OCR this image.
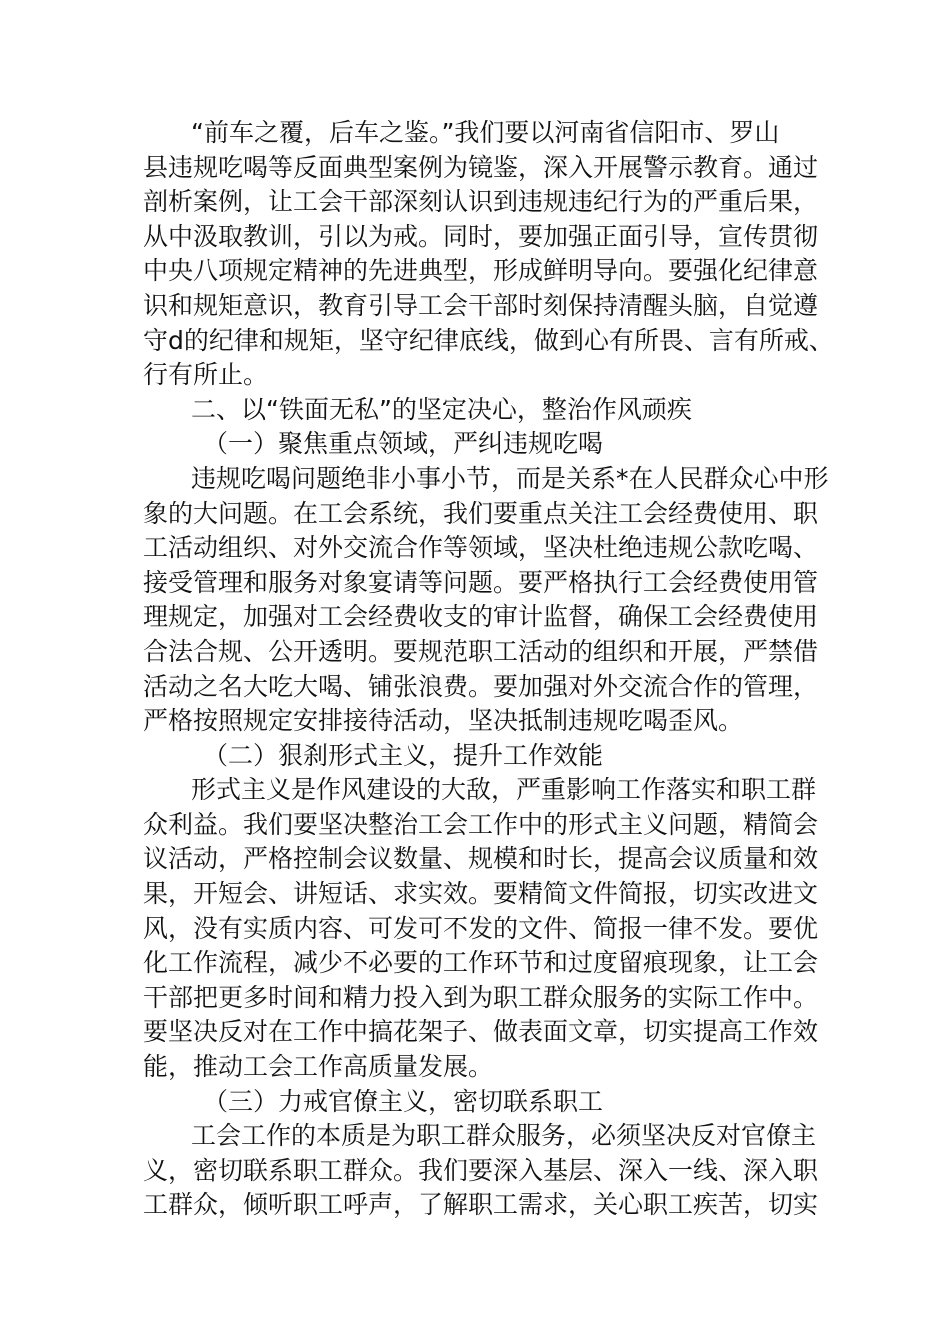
“前车之覆，后车之鉴。”我们要以河南省信阳市、罗山
县违规吃喝等反面典型案例为镜鉴，深入开展警示教育。通过
剖析案例，让工会干部深刻认识到违规违纪行为的严重后果，
从中汲取教训，引以为戒。同时，要加强正面引导，宣传贯彻
中央八项规定精神的先进典型，形成鲜明导向。要强化纪律意
识和规矩意识，教育引导工会干部时刻保持清醒头脑，自觉遵
守d的纪律和规矩，坚守纪律底线，做到心有所畏、言有所戒、
行有所止。
二、以“铁面无私”的坚定决心，整治作风顽疾
（一）聚焦重点领域，严纠违规吃喝
违规吃喝问题绝非小事小节，而是关系*在人民群众心中形
象的大问题。在工会系统，我们要重点关注工会经费使用、职
工活动组织、对外交流合作等领域，坚决杜绝违规公款吃喝、
接受管理和服务对象宴请等问题。要严格执行工会经费使用管
理规定，加强对工会经费收支的审计监督，确保工会经费使用
合法合规、公开透明。要规范职工活动的组织和开展，严禁借
活动之名大吃大喝、铺张浪费。要加强对外交流合作的管理，
严格按照规定安排接待活动，坚决抵制违规吃喝歪风。
（二）狠刹形式主义，提升工作效能
形式主义是作风建设的大敌，严重影响工作落实和职工群
众利益。我们要坚决整治工会工作中的形式主义问题，精简会
议活动，严格控制会议数量、规模和时长，提高会议质量和效
果，开短会、讲短话、求实效。要精简文件简报，切实改进文
风，没有实质内容、可发可不发的文件、简报一律不发。要优
化工作流程，减少不必要的工作环节和过度留痕现象，让工会
干部把更多时间和精力投入到为职工群众服务的实际工作中。
要坚决反对在工作中搞花架子、做表面文章，切实提高工作效
能，推动工会工作高质量发展。
（三）力戒官僚主义，密切联系职工
工会工作的本质是为职工群众服务，必须坚决反对官僚主
义，密切联系职工群众。我们要深入基层、深入一线、深入职
工群众，倾听职工呼声，了解职工需求，关心职工疾苦，切实
